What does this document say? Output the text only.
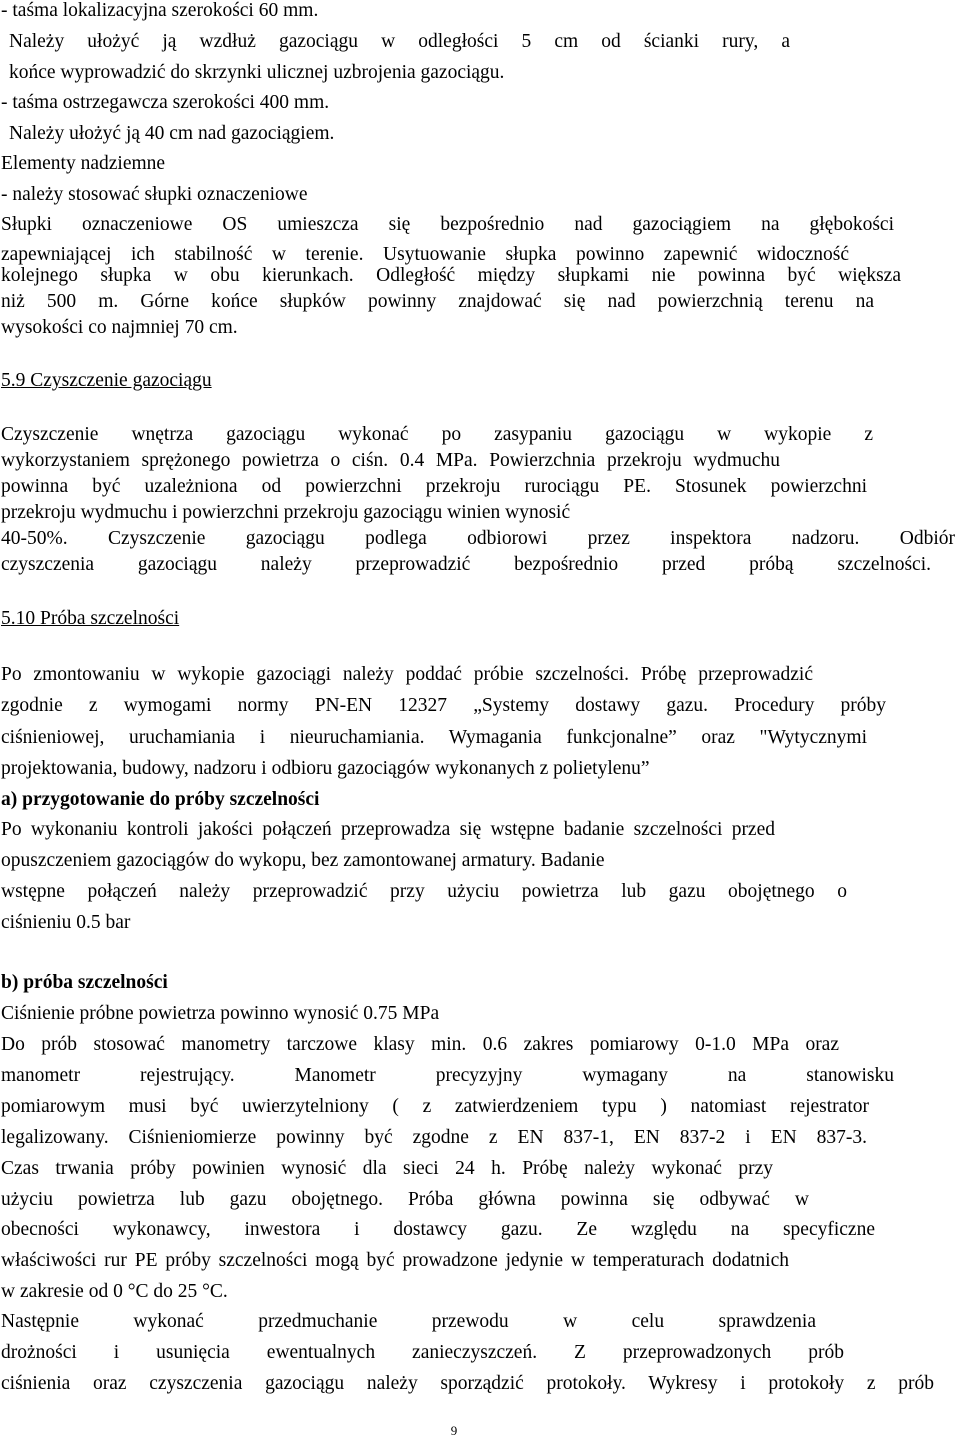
- taśma lokalizacyjna szerokości 60 mm.
Należy ułożyć ją wzdłuż gazociągu w odległości 5 cm od ścianki rury, a
końce wyprowadzić do skrzynki ulicznej uzbrojenia gazociągu.
- taśma ostrzegawcza szerokości 400 mm.
Należy ułożyć ją 40 cm nad gazociągiem.
Elementy nadziemne
- należy stosować słupki oznaczeniowe
Słupki oznaczeniowe OS umieszcza się bezpośrednio nad gazociągiem na głębokości
zapewniającej ich stabilność w terenie. Usytuowanie słupka powinno zapewnić widoczność
kolejnego słupka w obu kierunkach. Odległość między słupkami nie powinna być większa
niż 500 m. Górne końce słupków powinny znajdować się nad powierzchnią terenu na
wysokości co najmniej 70 cm.
5.9 Czyszczenie gazociągu
Czyszczenie wnętrza gazociągu wykonać po zasypaniu gazociągu w wykopie z
wykorzystaniem sprężonego powietrza o ciśn. 0.4 MPa. Powierzchnia przekroju wydmuchu
powinna być uzależniona od powierzchni przekroju rurociągu PE. Stosunek powierzchni
przekroju wydmuchu i powierzchni przekroju gazociągu winien wynosić
40-50%. Czyszczenie gazociągu podlega odbiorowi przez inspektora nadzoru. Odbiór
czyszczenia gazociągu należy przeprowadzić bezpośrednio przed próbą szczelności.
5.10 Próba szczelności
Po zmontowaniu w wykopie gazociągi należy poddać próbie szczelności. Próbę przeprowadzić
zgodnie z wymogami normy PN-EN 12327 „Systemy dostawy gazu. Procedury próby
ciśnieniowej, uruchamiania i nieuruchamiania. Wymagania funkcjonalne” oraz "Wytycznymi
projektowania, budowy, nadzoru i odbioru gazociągów wykonanych z polietylenu”
a) przygotowanie do próby szczelności
Po wykonaniu kontroli jakości połączeń przeprowadza się wstępne badanie szczelności przed
opuszczeniem gazociągów do wykopu, bez zamontowanej armatury. Badanie
wstępne połączeń należy przeprowadzić przy użyciu powietrza lub gazu obojętnego o
ciśnieniu 0.5 bar
b) próba szczelności
Ciśnienie próbne powietrza powinno wynosić 0.75 MPa
Do prób stosować manometry tarczowe klasy min. 0.6 zakres pomiarowy 0-1.0 MPa oraz
manometr rejestrujący. Manometr precyzyjny wymagany na stanowisku
pomiarowym musi być uwierzytelniony ( z zatwierdzeniem typu ) natomiast rejestrator
legalizowany. Ciśnieniomierze powinny być zgodne z EN 837-1, EN 837-2 i EN 837-3.
Czas trwania próby powinien wynosić dla sieci 24 h. Próbę należy wykonać przy
użyciu powietrza lub gazu obojętnego. Próba główna powinna się odbywać w
obecności wykonawcy, inwestora i dostawcy gazu. Ze względu na specyficzne
właściwości rur PE próby szczelności mogą być prowadzone jedynie w temperaturach dodatnich
w zakresie od 0 °C do 25 °C.
Następnie wykonać przedmuchanie przewodu w celu sprawdzenia
drożności i usunięcia ewentualnych zanieczyszczeń. Z przeprowadzonych prób
ciśnienia oraz czyszczenia gazociągu należy sporządzić protokoły. Wykresy i protokoły z prób
9
